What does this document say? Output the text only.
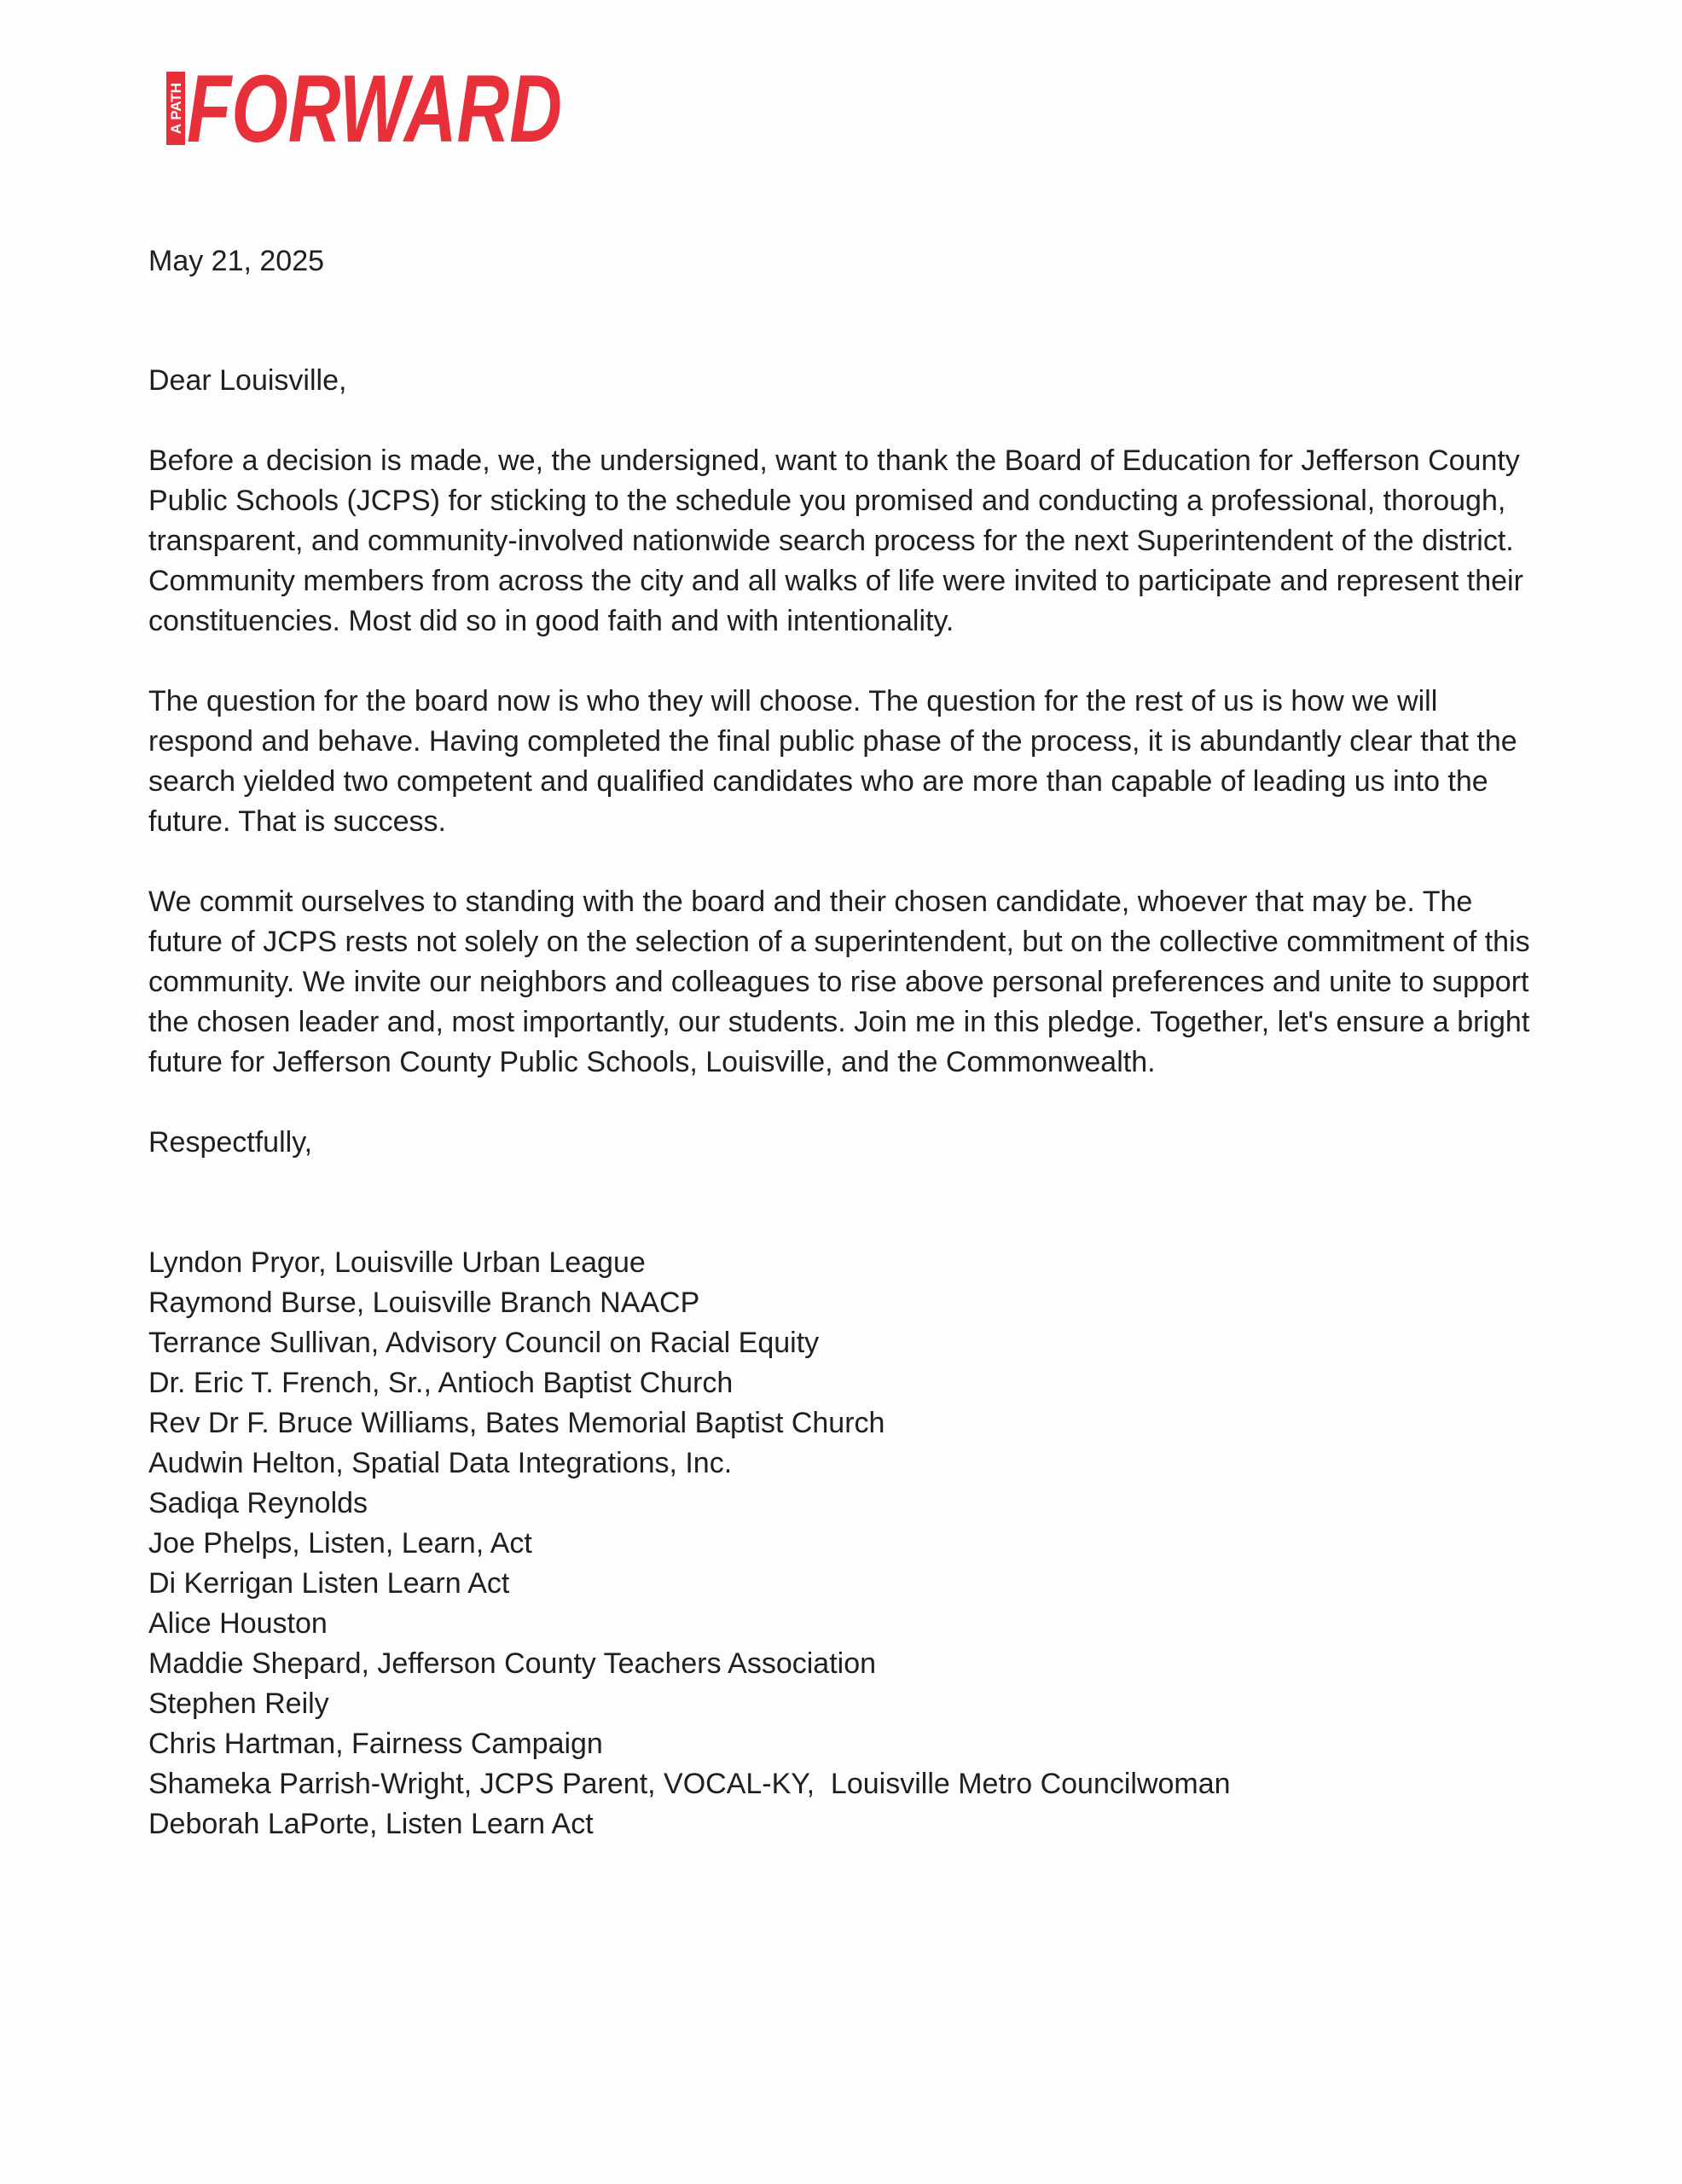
A PATH FORWARD

May 21, 2025

Dear Louisville,

Before a decision is made, we, the undersigned, want to thank the Board of Education for Jefferson County Public Schools (JCPS) for sticking to the schedule you promised and conducting a professional, thorough, transparent, and community-involved nationwide search process for the next Superintendent of the district. Community members from across the city and all walks of life were invited to participate and represent their constituencies. Most did so in good faith and with intentionality.

The question for the board now is who they will choose. The question for the rest of us is how we will respond and behave. Having completed the final public phase of the process, it is abundantly clear that the search yielded two competent and qualified candidates who are more than capable of leading us into the future. That is success.

We commit ourselves to standing with the board and their chosen candidate, whoever that may be. The future of JCPS rests not solely on the selection of a superintendent, but on the collective commitment of this community. We invite our neighbors and colleagues to rise above personal preferences and unite to support the chosen leader and, most importantly, our students. Join me in this pledge. Together, let's ensure a bright future for Jefferson County Public Schools, Louisville, and the Commonwealth.

Respectfully,

Lyndon Pryor, Louisville Urban League
Raymond Burse, Louisville Branch NAACP
Terrance Sullivan, Advisory Council on Racial Equity
Dr. Eric T. French, Sr., Antioch Baptist Church
Rev Dr F. Bruce Williams, Bates Memorial Baptist Church
Audwin Helton, Spatial Data Integrations, Inc.
Sadiqa Reynolds
Joe Phelps, Listen, Learn, Act
Di Kerrigan Listen Learn Act
Alice Houston
Maddie Shepard, Jefferson County Teachers Association
Stephen Reily
Chris Hartman, Fairness Campaign
Shameka Parrish-Wright, JCPS Parent, VOCAL-KY,  Louisville Metro Councilwoman
Deborah LaPorte, Listen Learn Act
